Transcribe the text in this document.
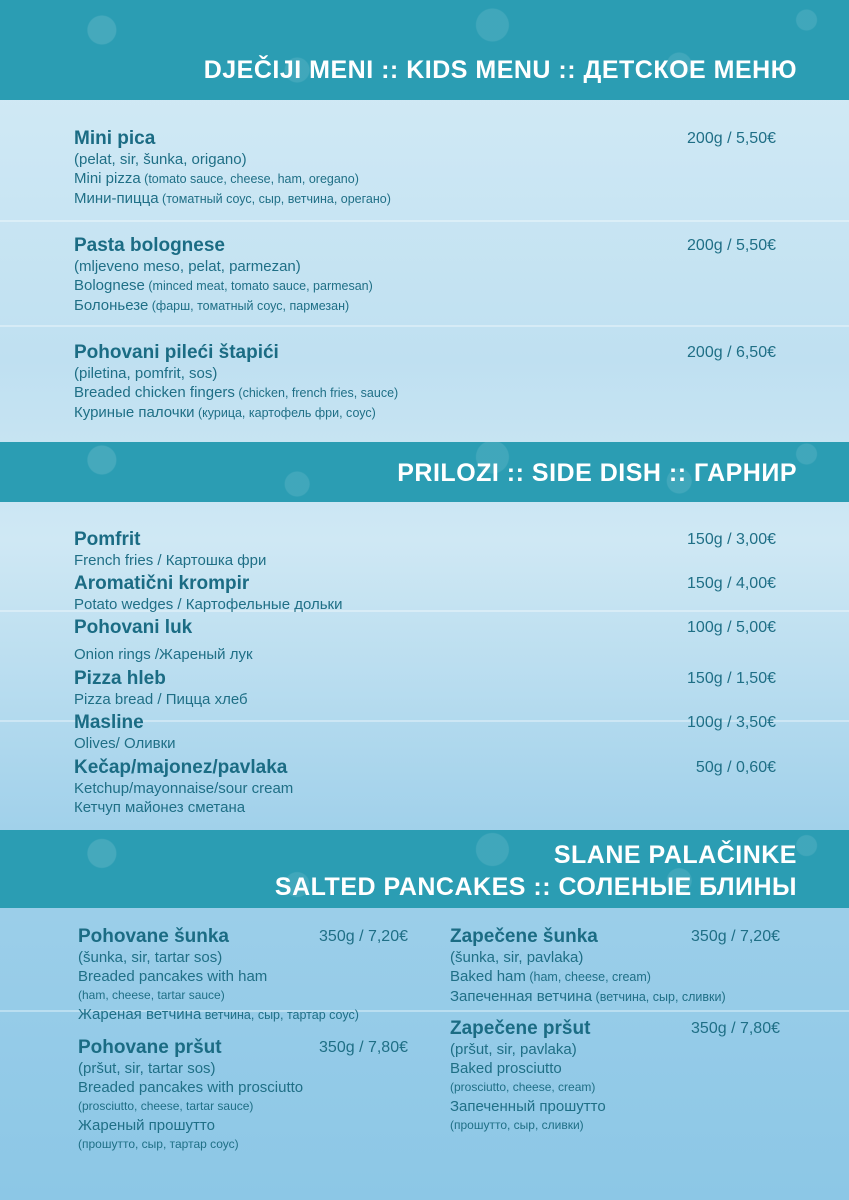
DJEČIJI MENI :: KIDS MENU :: ДЕТСКОЕ МЕНЮ
Mini pica	200g / 5,50€
(pelat, sir, šunka, origano)
Mini pizza (tomato sauce, cheese, ham, oregano)
Мини-пицца (томатный соус, сыр, ветчина, орегано)
Pasta bolognese	200g / 5,50€
(mljeveno meso, pelat, parmezan)
Bolognese (minced meat, tomato sauce, parmesan)
Болоньезе (фарш, томатный соус, пармезан)
Pohovani pilеći štapići	200g / 6,50€
(piletina, pomfrit, sos)
Breaded chicken fingers (chicken, french fries, sauce)
Куриные палочки (курица, картофель фри, соус)
PRILOZI :: SIDE DISH :: ГАРНИР
Pomfrit	150g / 3,00€
French fries / Картошка фри
Aromatični krompir	150g / 4,00€
Potato wedges / Картофельные дольки
Pohovani luk	100g / 5,00€
Onion rings /Жареный лук
Pizza hleb	150g / 1,50€
Pizza bread / Пицца хлеб
Masline	100g / 3,50€
Olives/ Оливки
Kečap/majonez/pavlaka	50g / 0,60€
Ketchup/mayonnaise/sour cream
Кетчуп майонез сметана
SLANE PALAČINKE
SALTED PANCAKES :: СОЛЕНЫЕ БЛИНЫ
Pohovane šunka	350g / 7,20€
(šunka, sir, tartar sos)
Breaded pancakes with ham
(ham, cheese, tartar sauce)
Жареная ветчина ветчина, сыр, тартар соус)
Pohovane pršut	350g / 7,80€
(pršut, sir, tartar sos)
Breaded pancakes with prosciutto
(prosciutto, cheese, tartar sauce)
Жареный прошутто
(прошутто, сыр, тартар соус)
Zapečene šunka	350g / 7,20€
(šunka, sir, pavlaka)
Baked ham (ham, cheese, cream)
Запеченная ветчина (ветчина, сыр, сливки)
Zapečene pršut	350g / 7,80€
(pršut, sir, pavlaka)
Baked prosciutto
(prosciutto, cheese, cream)
Запеченный прошутто
(прошутто, сыр, сливки)
